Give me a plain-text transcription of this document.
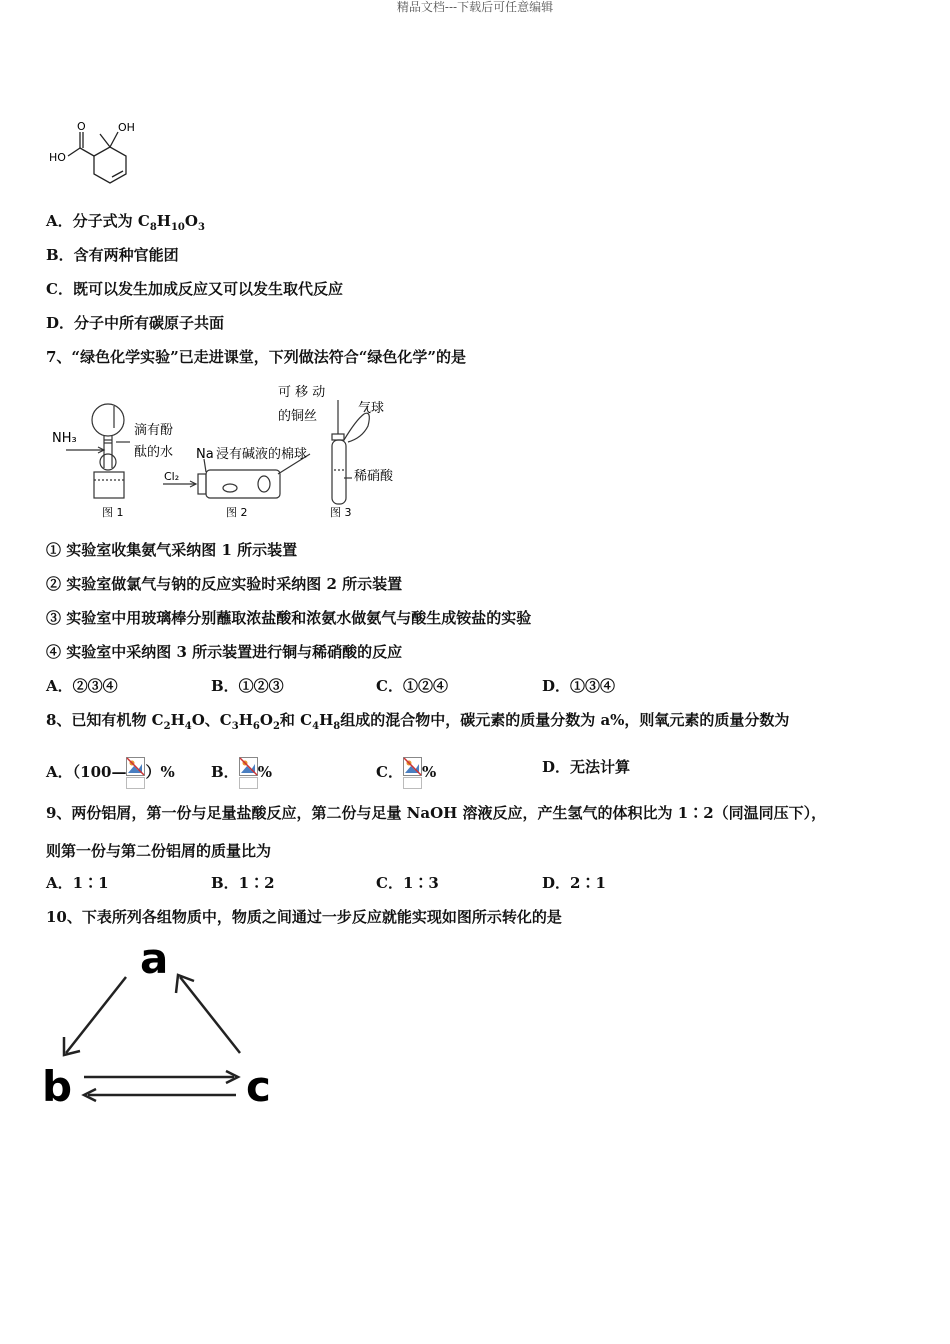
精品文档---下载后可任意编辑
O	OH
HO
A．分子式为 $C_8H_{10}O_3$
B．含有两种官能团
C．既可以发生加成反应又可以发生取代反应
D．分子中所有碳原子共面
7、“绿色化学实验”已走进课堂，下列做法符合“绿色化学”的是
NH₃
滴有酚
酞的水
图 1
Na 浸有碱液的棉球
Cl₂
图 2
可 移 动
的铜丝
气球
稀硝酸
图 3
① 实验室收集氨气采纳图 1 所示装置
② 实验室做氯气与钠的反应实验时采纳图 2 所示装置
③ 实验室中用玻璃棒分别蘸取浓盐酸和浓氨水做氨气与酸生成铵盐的实验
④ 实验室中采纳图 3 所示装置进行铜与稀硝酸的反应
A．②③④	B．①②③	C．①②④	D．①③④
8、已知有机物 $C_2H_4O$、$C_3H_6O_2$和 $C_4H_8$组成的混合物中，碳元素的质量分数为 a%，则氧元素的质量分数为
A．（100— ）% B． %	C． %	D．无法计算
9、两份铝屑，第一份与足量盐酸反应，第二份与足量 NaOH 溶液反应，产生氢气的体积比为 1∶2（同温同压下），
则第一份与第二份铝屑的质量比为
A．1∶1	B．1∶2	C．1∶3	D．2∶1
10、下表所列各组物质中，物质之间通过一步反应就能实现如图所示转化的是
a
b	c
